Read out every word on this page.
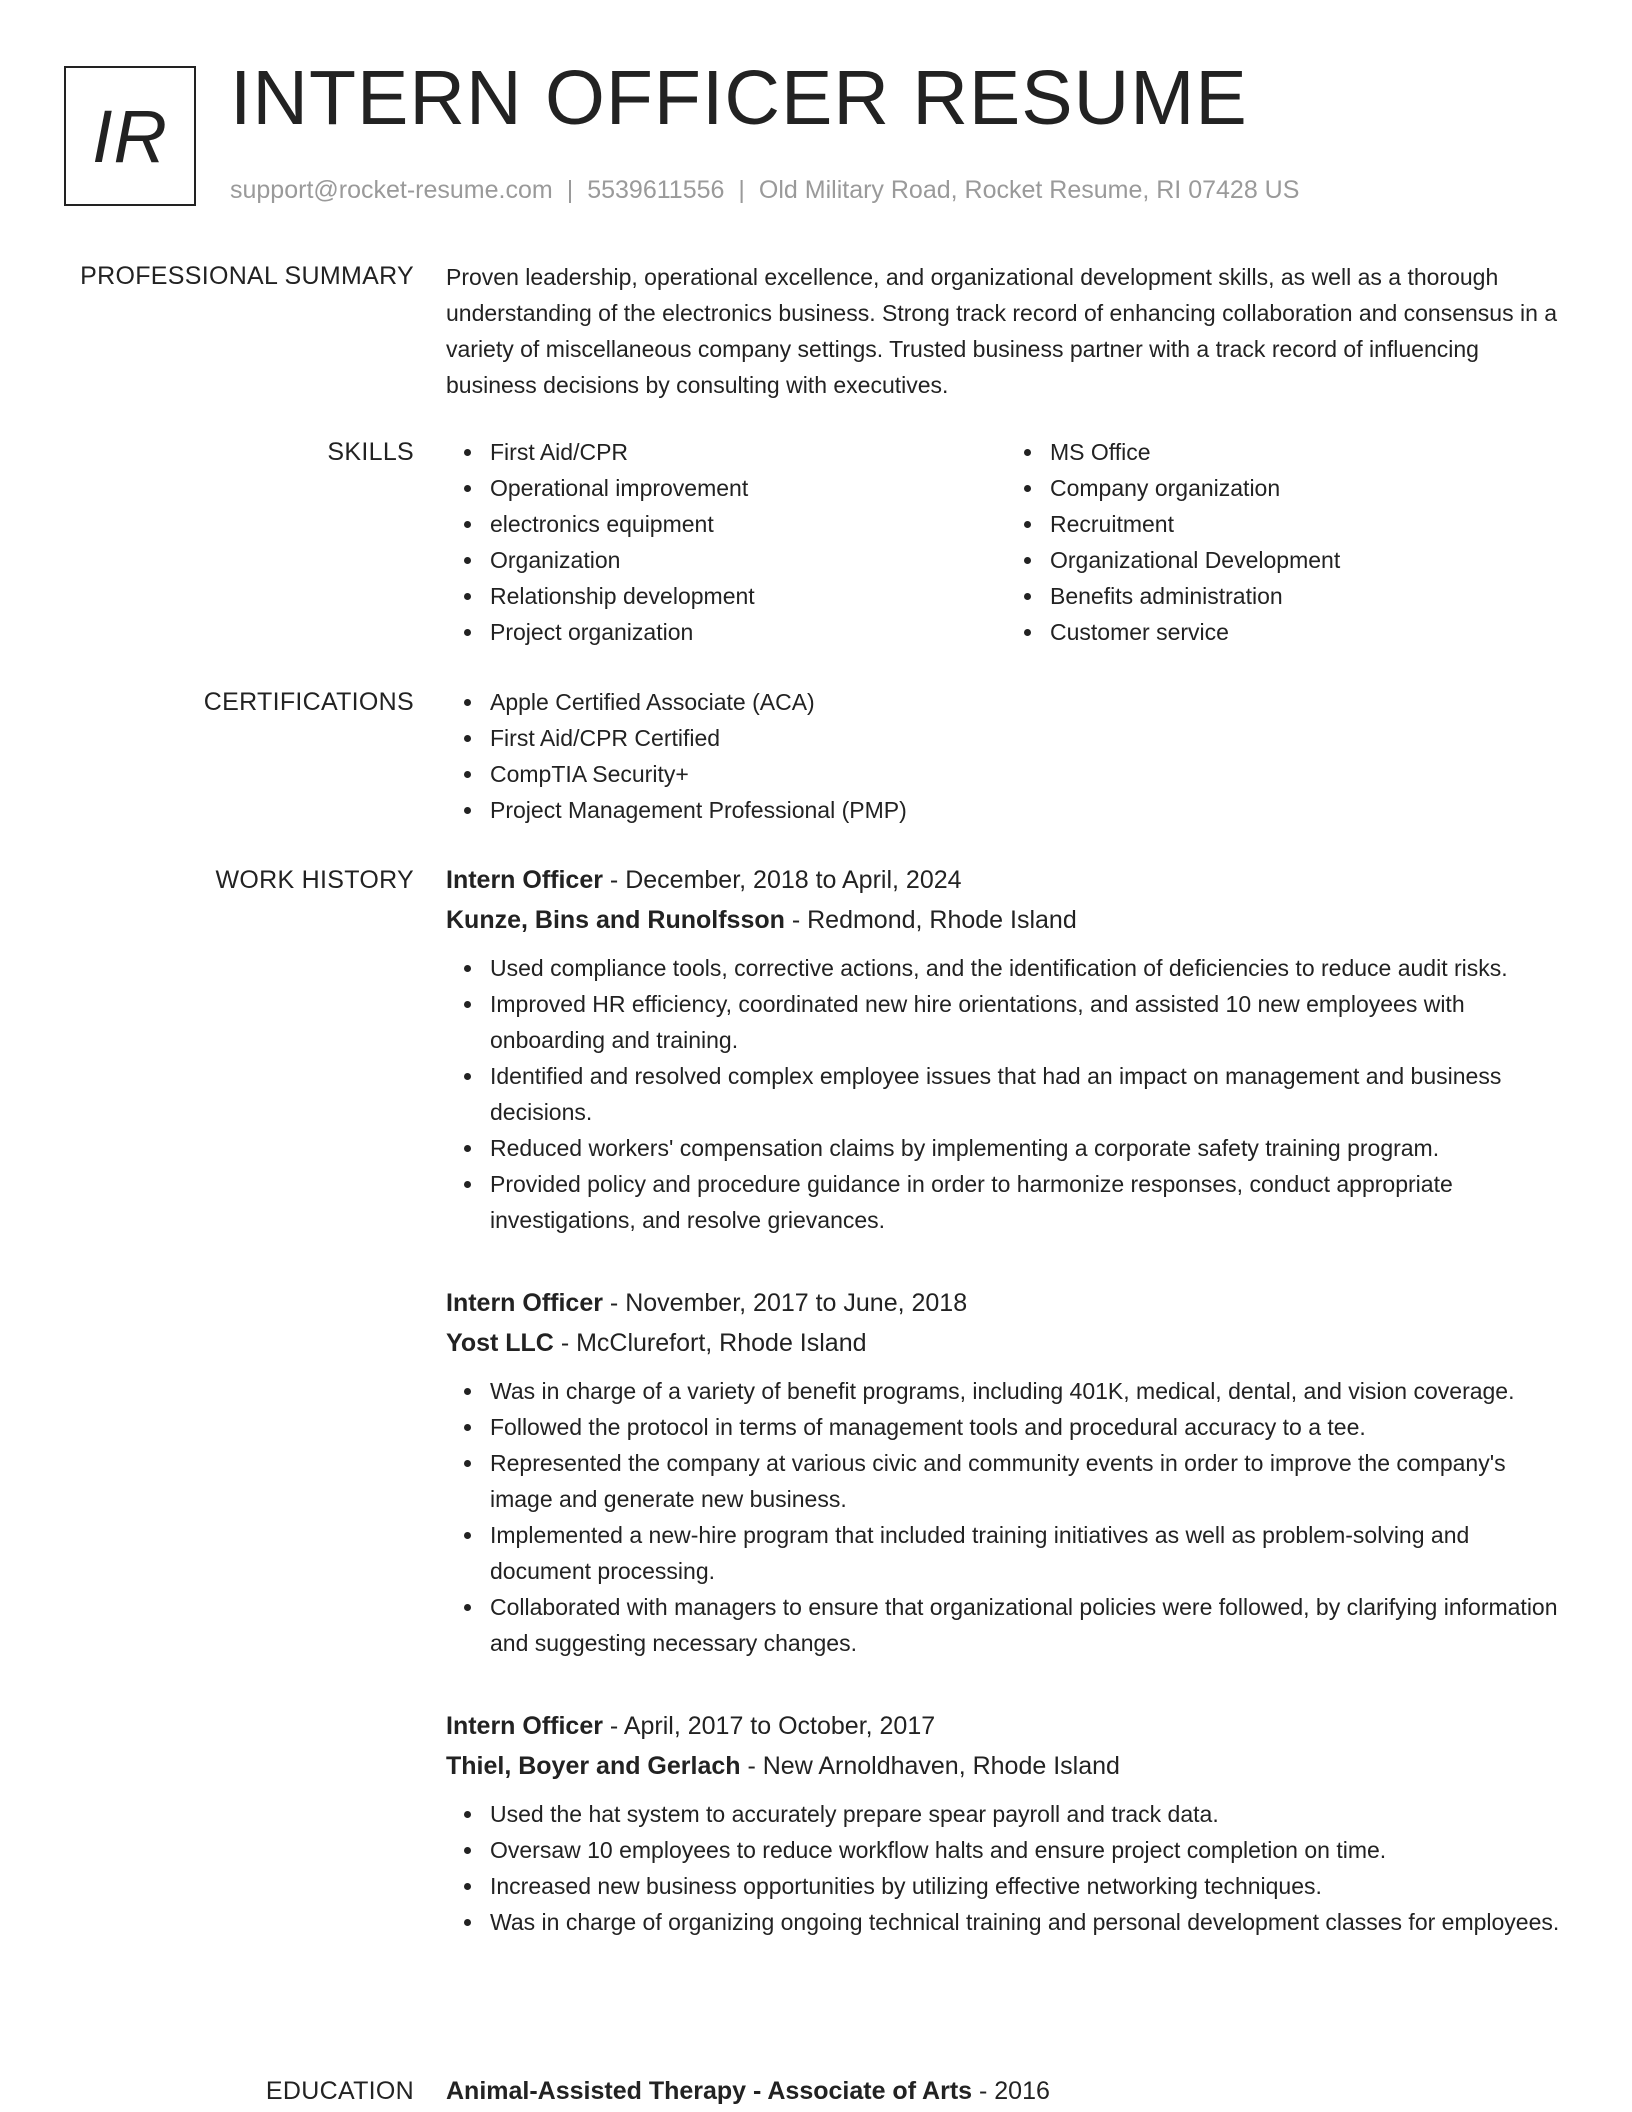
IR INTERN OFFICER RESUME
support@rocket-resume.com | 5539611556 | Old Military Road, Rocket Resume, RI 07428 US
PROFESSIONAL SUMMARY Proven leadership, operational excellence, and organizational development skills, as well as a thorough understanding of the electronics business. Strong track record of enhancing collaboration and consensus in a variety of miscellaneous company settings. Trusted business partner with a track record of influencing business decisions by consulting with executives.

SKILLS	First Aid/CPR
Operational improvement
electronics equipment
Organization
Relationship development
Project organization
MS Office
Company organization
Recruitment
Organizational Development
Benefits administration
Customer service
CERTIFICATIONS	Apple Certified Associate (ACA)
First Aid/CPR Certified
CompTIA Security+
Project Management Professional (PMP)
WORK HISTORY Intern Officer - December, 2018 to April, 2024
Kunze, Bins and Runolfsson - Redmond, Rhode Island
Used compliance tools, corrective actions, and the identification of deficiencies to reduce audit risks.
Improved HR efficiency, coordinated new hire orientations, and assisted 10 new employees with onboarding and training.
Identified and resolved complex employee issues that had an impact on management and business decisions.
Reduced workers' compensation claims by implementing a corporate safety training program.
Provided policy and procedure guidance in order to harmonize responses, conduct appropriate investigations, and resolve grievances.
Intern Officer - November, 2017 to June, 2018
Yost LLC - McClurefort, Rhode Island
Was in charge of a variety of benefit programs, including 401K, medical, dental, and vision coverage.
Followed the protocol in terms of management tools and procedural accuracy to a tee.
Represented the company at various civic and community events in order to improve the company's image and generate new business.
Implemented a new-hire program that included training initiatives as well as problem-solving and document processing.
Collaborated with managers to ensure that organizational policies were followed, by clarifying information and suggesting necessary changes.
Intern Officer - April, 2017 to October, 2017
Thiel, Boyer and Gerlach - New Arnoldhaven, Rhode Island
Used the hat system to accurately prepare spear payroll and track data.
Oversaw 10 employees to reduce workflow halts and ensure project completion on time.
Increased new business opportunities by utilizing effective networking techniques.
Was in charge of organizing ongoing technical training and personal development classes for employees.
EDUCATION Animal-Assisted Therapy - Associate of Arts - 2016
